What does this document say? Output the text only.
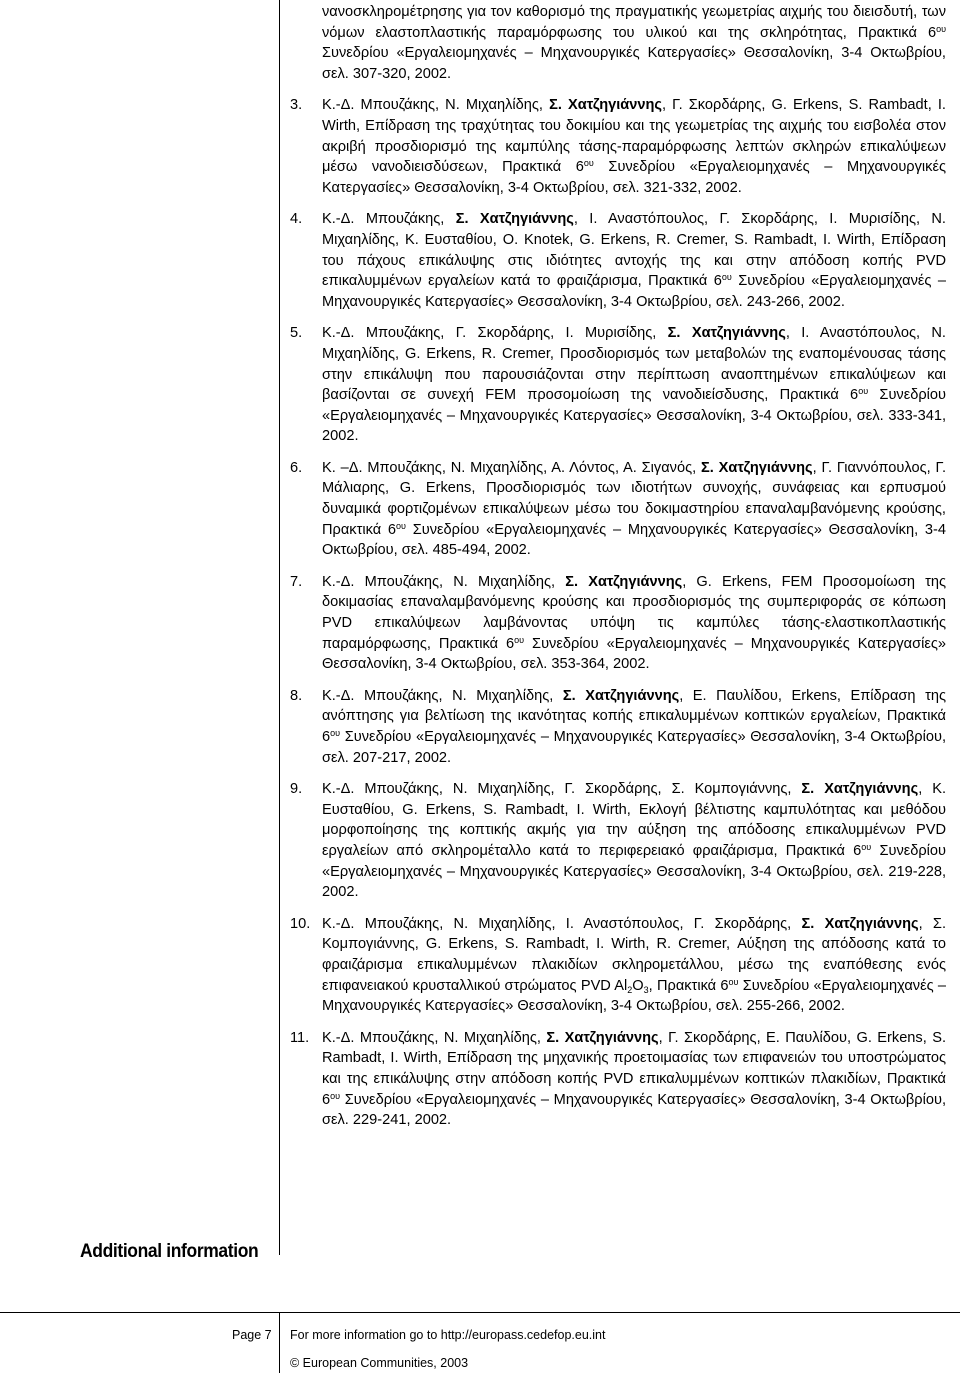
νανοσκληρομέτρησης για τον καθορισμό της πραγματικής γεωμετρίας αιχμής του διεισδυτή, των νόμων ελαστοπλαστικής παραμόρφωσης του υλικού και της σκληρότητας, Πρακτικά $6^{o\upsilon}$ Συνεδρίου «Εργαλειομηχανές – Μηχανουργικές Κατεργασίες» Θεσσαλονίκη, 3-4 Οκτωβρίου, σελ. 307-320, 2002.

3. Κ.-Δ. Μπουζάκης, Ν. Μιχαηλίδης, Σ. Χατζηγιάννης, Γ. Σκορδάρης, G. Erkens, S. Rambadt, I. Wirth, Επίδραση της τραχύτητας του δοκιμίου και της γεωμετρίας της αιχμής του εισβολέα στον ακριβή προσδιορισμό της καμπύλης τάσης-παραμόρφωσης λεπτών σκληρών επικαλύψεων μέσω νανοδιεισδύσεων, Πρακτικά $6^{o\upsilon}$ Συνεδρίου «Εργαλειομηχανές – Μηχανουργικές Κατεργασίες» Θεσσαλονίκη, 3-4 Οκτωβρίου, σελ. 321-332, 2002.
4. Κ.-Δ. Μπουζάκης, Σ. Χατζηγιάννης, Ι. Αναστόπουλος, Γ. Σκορδάρης, Ι. Μυρισίδης, Ν. Μιχαηλίδης, Κ. Ευσταθίου, O. Knotek, G. Erkens, R. Cremer, S. Rambadt, I. Wirth, Επίδραση του πάχους επικάλυψης στις ιδιότητες αντοχής της και στην απόδοση κοπής PVD επικαλυμμένων εργαλείων κατά το φραιζάρισμα, Πρακτικά $6^{o\upsilon}$ Συνεδρίου «Εργαλειομηχανές – Μηχανουργικές Κατεργασίες» Θεσσαλονίκη, 3-4 Οκτωβρίου, σελ. 243-266, 2002.
5. Κ.-Δ. Μπουζάκης, Γ. Σκορδάρης, Ι. Μυρισίδης, Σ. Χατζηγιάννης, Ι. Αναστόπουλος, Ν. Μιχαηλίδης, G. Erkens, R. Cremer, Προσδιορισμός των μεταβολών της εναπομένουσας τάσης στην επικάλυψη που παρουσιάζονται στην περίπτωση αναοπτημένων επικαλύψεων και βασίζονται σε συνεχή FEM προσομοίωση της νανοδιείσδυσης, Πρακτικά $6^{o\upsilon}$ Συνεδρίου «Εργαλειομηχανές – Μηχανουργικές Κατεργασίες» Θεσσαλονίκη, 3-4 Οκτωβρίου, σελ. 333-341, 2002.
6. Κ. –Δ. Μπουζάκης, Ν. Μιχαηλίδης, Α. Λόντος, Α. Σιγανός, Σ. Χατζηγιάννης, Γ. Γιαννόπουλος, Γ. Μάλιαρης, G. Erkens, Προσδιορισμός των ιδιοτήτων συνοχής, συνάφειας και ερπυσμού δυναμικά φορτιζομένων επικαλύψεων μέσω του δοκιμαστηρίου επαναλαμβανόμενης κρούσης, Πρακτικά $6^{o\upsilon}$ Συνεδρίου «Εργαλειομηχανές – Μηχανουργικές Κατεργασίες» Θεσσαλονίκη, 3-4 Οκτωβρίου, σελ. 485-494, 2002.
7. Κ.-Δ. Μπουζάκης, Ν. Μιχαηλίδης, Σ. Χατζηγιάννης, G. Erkens, FEM Προσομοίωση της δοκιμασίας επαναλαμβανόμενης κρούσης και προσδιορισμός της συμπεριφοράς σε κόπωση PVD επικαλύψεων λαμβάνοντας υπόψη τις καμπύλες τάσης-ελαστικοπλαστικής παραμόρφωσης, Πρακτικά $6^{o\upsilon}$ Συνεδρίου «Εργαλειομηχανές – Μηχανουργικές Κατεργασίες» Θεσσαλονίκη, 3-4 Οκτωβρίου, σελ. 353-364, 2002.
8. Κ.-Δ. Μπουζάκης, Ν. Μιχαηλίδης, Σ. Χατζηγιάννης, Ε. Παυλίδου, Erkens, Επίδραση της ανόπτησης για βελτίωση της ικανότητας κοπής επικαλυμμένων κοπτικών εργαλείων, Πρακτικά $6^{o\upsilon}$ Συνεδρίου «Εργαλειομηχανές – Μηχανουργικές Κατεργασίες» Θεσσαλονίκη, 3-4 Οκτωβρίου, σελ. 207-217, 2002.
9. Κ.-Δ. Μπουζάκης, Ν. Μιχαηλίδης, Γ. Σκορδάρης, Σ. Κομπογιάννης, Σ. Χατζηγιάννης, Κ. Ευσταθίου, G. Erkens, S. Rambadt, I. Wirth, Εκλογή βέλτιστης καμπυλότητας και μεθόδου μορφοποίησης της κοπτικής ακμής για την αύξηση της απόδοσης επικαλυμμένων PVD εργαλείων από σκληρομέταλλο κατά το περιφερειακό φραιζάρισμα, Πρακτικά $6^{o\upsilon}$ Συνεδρίου «Εργαλειομηχανές – Μηχανουργικές Κατεργασίες» Θεσσαλονίκη, 3-4 Οκτωβρίου, σελ. 219-228, 2002.
10. Κ.-Δ. Μπουζάκης, Ν. Μιχαηλίδης, Ι. Αναστόπουλος, Γ. Σκορδάρης, Σ. Χατζηγιάννης, Σ. Κομπογιάννης, G. Erkens, S. Rambadt, I. Wirth, R. Cremer, Αύξηση της απόδοσης κατά το φραιζάρισμα επικαλυμμένων πλακιδίων σκληρομετάλλου, μέσω της εναπόθεσης ενός επιφανειακού κρυσταλλικού στρώματος PVD $Al_2O_3$, Πρακτικά $6^{o\upsilon}$ Συνεδρίου «Εργαλειομηχανές – Μηχανουργικές Κατεργασίες» Θεσσαλονίκη, 3-4 Οκτωβρίου, σελ. 255-266, 2002.
11. Κ.-Δ. Μπουζάκης, Ν. Μιχαηλίδης, Σ. Χατζηγιάννης, Γ. Σκορδάρης, Ε. Παυλίδου, G. Erkens, S. Rambadt, I. Wirth, Επίδραση της μηχανικής προετοιμασίας των επιφανειών του υποστρώματος και της επικάλυψης στην απόδοση κοπής PVD επικαλυμμένων κοπτικών πλακιδίων, Πρακτικά $6^{o\upsilon}$ Συνεδρίου «Εργαλειομηχανές – Μηχανουργικές Κατεργασίες» Θεσσαλονίκη, 3-4 Οκτωβρίου, σελ. 229-241, 2002.
Additional information
Page 7 For more information go to http://europass.cedefop.eu.int
© European Communities, 2003
